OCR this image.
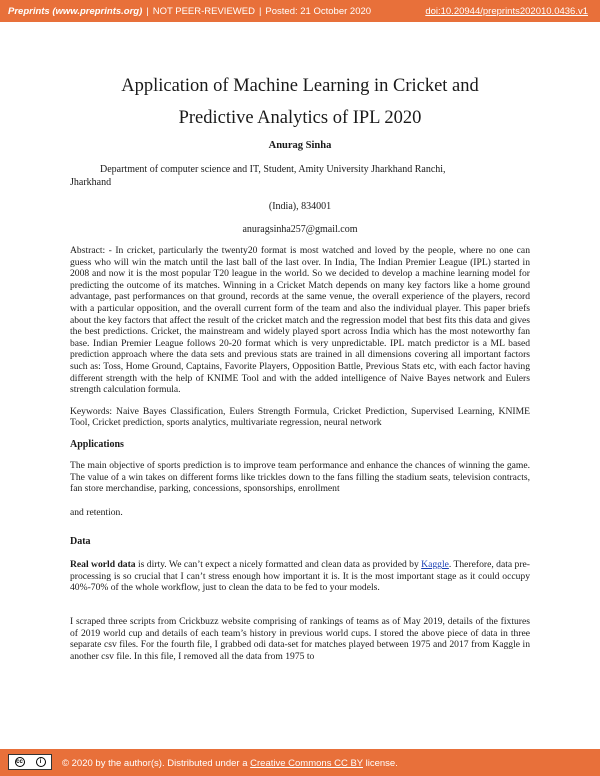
Preprints (www.preprints.org) | NOT PEER-REVIEWED | Posted: 21 October 2020	doi:10.20944/preprints202010.0436.v1
Application of Machine Learning in Cricket and
Predictive Analytics of IPL 2020
Anurag Sinha

Department of computer science and IT, Student, Amity University Jharkhand Ranchi,
Jharkhand

(India), 834001

anuragsinha257@gmail.com

Abstract: - In cricket, particularly the twenty20 format is most watched and loved by the people, where no one can guess who will win the match until the last ball of the last over. In India, The Indian Premier League (IPL) started in 2008 and now it is the most popular T20 league in the world. So we decided to develop a machine learning model for predicting the outcome of its matches. Winning in a Cricket Match depends on many key factors like a home ground advantage, past performances on that ground, records at the same venue, the overall experience of the players, record with a particular opposition, and the overall current form of the team and also the individual player. This paper briefs about the key factors that affect the result of the cricket match and the regression model that best fits this data and gives the best predictions. Cricket, the mainstream and widely played sport across India which has the most noteworthy fan base. Indian Premier League follows 20-20 format which is very unpredictable. IPL match predictor is a ML based prediction approach where the data sets and previous stats are trained in all dimensions covering all important factors such as: Toss, Home Ground, Captains, Favorite Players, Opposition Battle, Previous Stats etc, with each factor having different strength with the help of KNIME Tool and with the added intelligence of Naive Bayes network and Eulers strength calculation formula.

Keywords: Naive Bayes Classification, Eulers Strength Formula, Cricket Prediction, Supervised Learning, KNIME Tool, Cricket prediction, sports analytics, multivariate regression, neural network

Applications

The main objective of sports prediction is to improve team performance and enhance the chances of winning the game. The value of a win takes on different forms like trickles down to the fans filling the stadium seats, television contracts, fan store merchandise, parking, concessions, sponsorships, enrollment

and retention.

Data

Real world data is dirty. We can’t expect a nicely formatted and clean data as provided by Kaggle. Therefore, data pre-processing is so crucial that I can’t stress enough how important it is. It is the most important stage as it could occupy 40%-70% of the whole workflow, just to clean the data to be fed to your models.

I scraped three scripts from Crickbuzz website comprising of rankings of teams as of May 2019, details of the fixtures of 2019 world cup and details of each team’s history in previous world cups. I stored the above piece of data in three separate csv files. For the fourth file, I grabbed odi data-set for matches played between 1975 and 2017 from Kaggle in another csv file. In this file, I removed all the data from 1975 to

cc	i	© 2020 by the author(s). Distributed under a Creative Commons CC BY license.
